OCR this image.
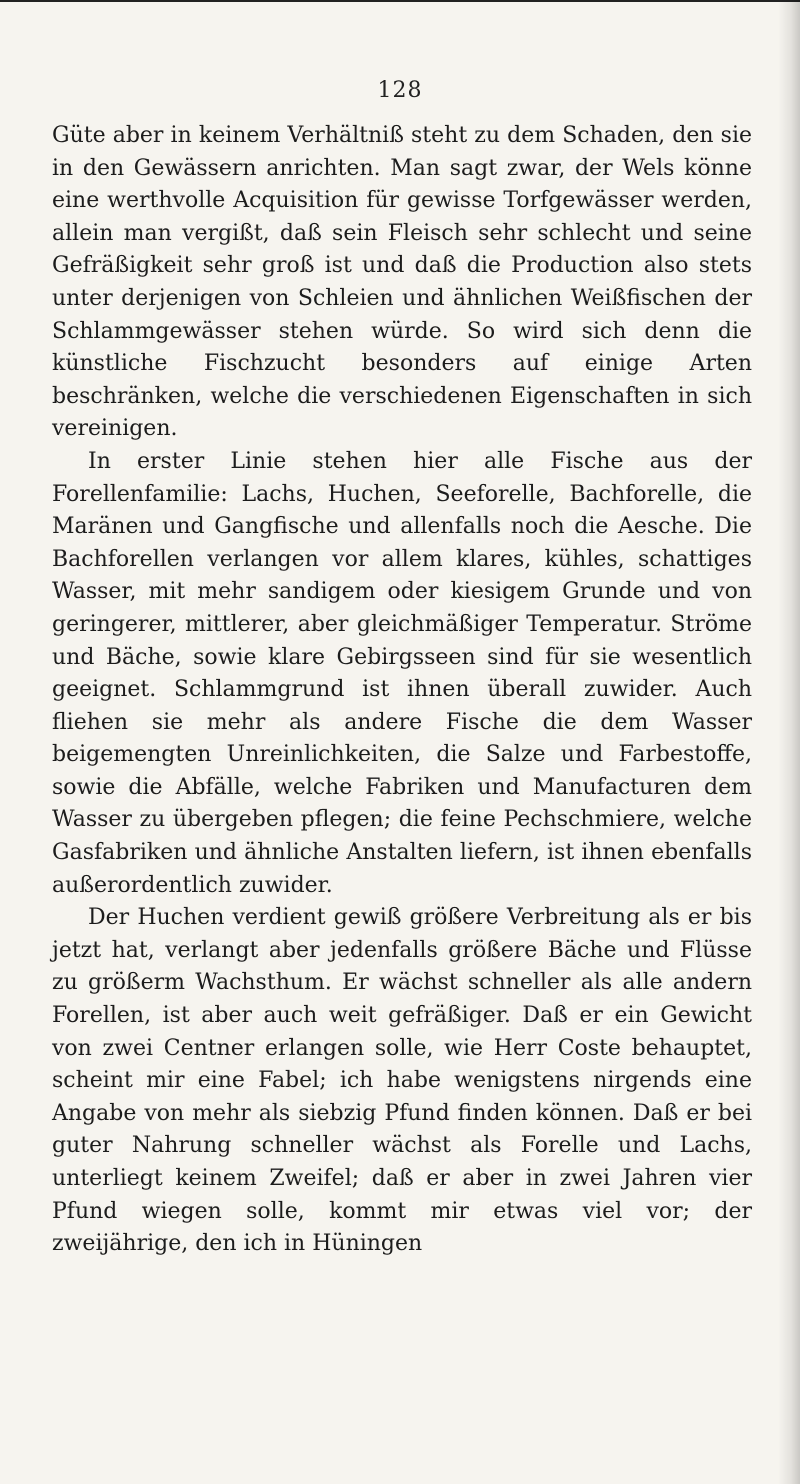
128

Güte aber in keinem Verhältniß steht zu dem Schaden, den sie in den Gewässern anrichten. Man sagt zwar, der Wels könne eine werthvolle Acquisition für gewisse Torfgewässer werden, allein man vergißt, daß sein Fleisch sehr schlecht und seine Gefräßigkeit sehr groß ist und daß die Production also stets unter derjenigen von Schleien und ähnlichen Weißfischen der Schlammgewässer stehen würde. So wird sich denn die künstliche Fischzucht besonders auf einige Arten beschränken, welche die verschiedenen Eigenschaften in sich vereinigen.

In erster Linie stehen hier alle Fische aus der Forellenfamilie: Lachs, Huchen, Seeforelle, Bachforelle, die Maränen und Gangfische und allenfalls noch die Aesche. Die Bachforellen verlangen vor allem klares, kühles, schattiges Wasser, mit mehr sandigem oder kiesigem Grunde und von geringerer, mittlerer, aber gleichmäßiger Temperatur. Ströme und Bäche, sowie klare Gebirgsseen sind für sie wesentlich geeignet. Schlammgrund ist ihnen überall zuwider. Auch fliehen sie mehr als andere Fische die dem Wasser beigemengten Unreinlichkeiten, die Salze und Farbestoffe, sowie die Abfälle, welche Fabriken und Manufacturen dem Wasser zu übergeben pflegen; die feine Pechschmiere, welche Gasfabriken und ähnliche Anstalten liefern, ist ihnen ebenfalls außerordentlich zuwider.

Der Huchen verdient gewiß größere Verbreitung als er bis jetzt hat, verlangt aber jedenfalls größere Bäche und Flüsse zu größerm Wachsthum. Er wächst schneller als alle andern Forellen, ist aber auch weit gefräßiger. Daß er ein Gewicht von zwei Centner erlangen solle, wie Herr Coste behauptet, scheint mir eine Fabel; ich habe wenigstens nirgends eine Angabe von mehr als siebzig Pfund finden können. Daß er bei guter Nahrung schneller wächst als Forelle und Lachs, unterliegt keinem Zweifel; daß er aber in zwei Jahren vier Pfund wiegen solle, kommt mir etwas viel vor; der zweijährige, den ich in Hüningen
